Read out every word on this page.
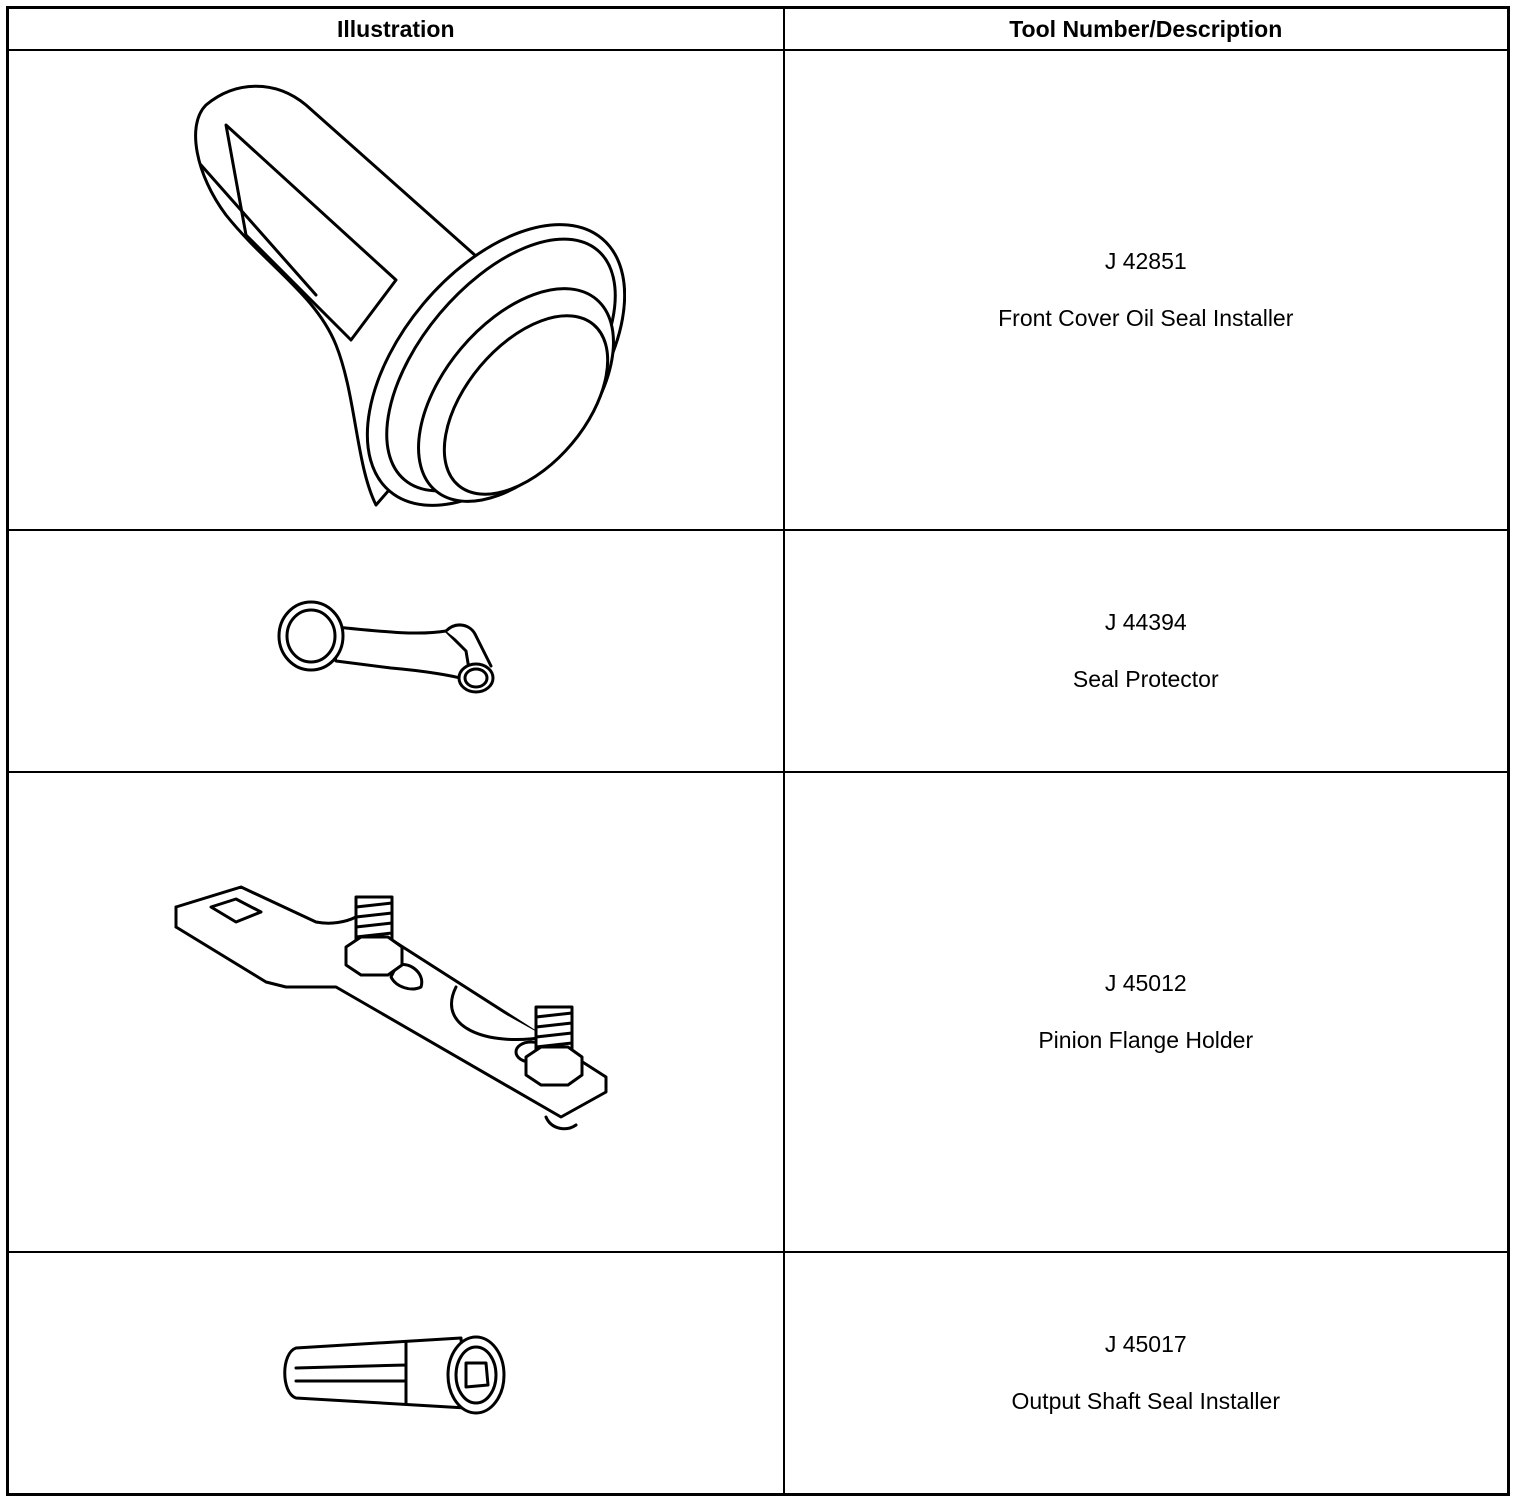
Illustration	Tool Number/Description

J 42851
Front Cover Oil Seal Installer

J 44394
Seal Protector

J 45012
Pinion Flange Holder

J 45017
Output Shaft Seal Installer
